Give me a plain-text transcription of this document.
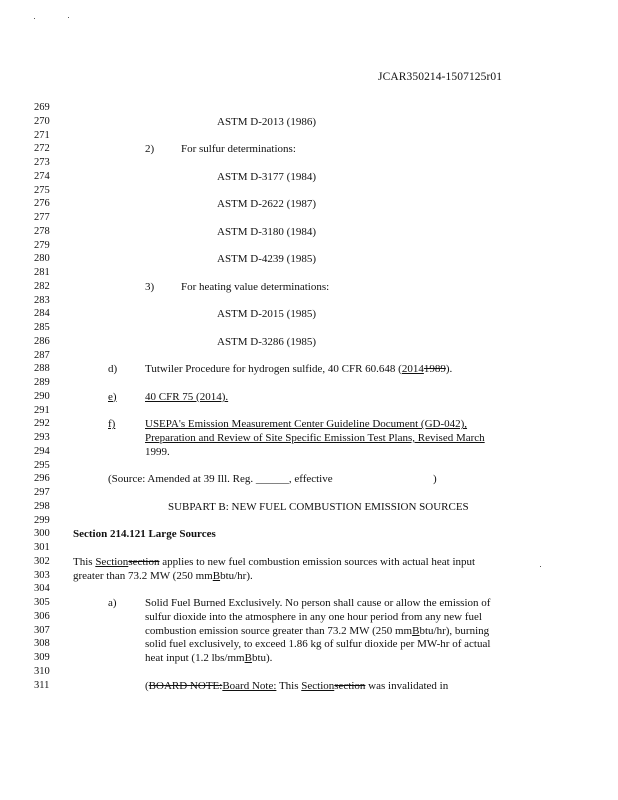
JCAR350214-1507125r01
269
270	ASTM D-2013 (1986)
271
272	2) For sulfur determinations:
273
274	ASTM D-3177 (1984)
275
276	ASTM D-2622 (1987)
277
278	ASTM D-3180 (1984)
279
280	ASTM D-4239 (1985)
281
282	3) For heating value determinations:
283
284	ASTM D-2015 (1985)
285
286	ASTM D-3286 (1985)
287
288	d)	Tutwiler Procedure for hydrogen sulfide, 40 CFR 60.648 (20141989).
289
290	e)	40 CFR 75 (2014).
291
292	f)	USEPA's Emission Measurement Center Guideline Document (GD-042),
293	Preparation and Review of Site Specific Emission Test Plans, Revised March
294	1999.
295
296	(Source: Amended at 39 Ill. Reg. ______, effective	)
297
298	SUBPART B: NEW FUEL COMBUSTION EMISSION SOURCES
299
300	Section 214.121 Large Sources
301
302	This Sectionsection applies to new fuel combustion emission sources with actual heat input
303	greater than 73.2 MW (250 mmBbtu/hr).
304
305	a)	Solid Fuel Burned Exclusively. No person shall cause or allow the emission of
306	sulfur dioxide into the atmosphere in any one hour period from any new fuel
307	combustion emission source greater than 73.2 MW (250 mmBbtu/hr), burning
308	solid fuel exclusively, to exceed 1.86 kg of sulfur dioxide per MW-hr of actual
309	heat input (1.2 lbs/mmBbtu).
310
311	(BOARD NOTE:Board Note: This Sectionsection was invalidated in
